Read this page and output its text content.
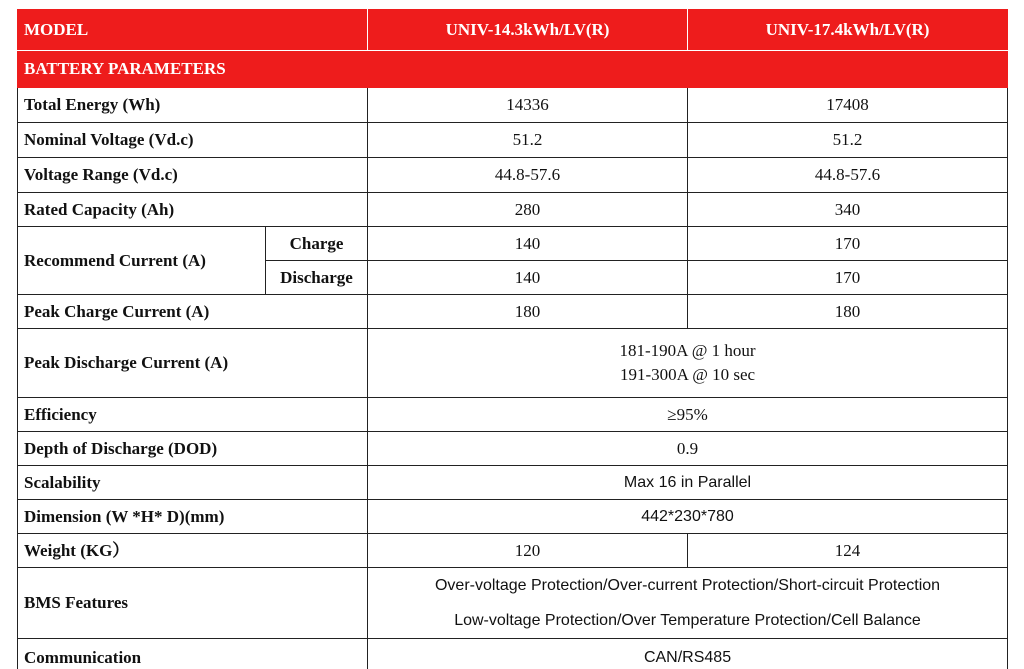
MODEL		UNIV-14.3kWh/LV(R)	UNIV-17.4kWh/LV(R)
BATTERY PARAMETERS			
Total Energy (Wh)		14336	17408
Nominal Voltage (Vd.c)		51.2	51.2
Voltage Range (Vd.c)		44.8-57.6	44.8-57.6
Rated Capacity (Ah)		280	340
Recommend Current (A)	Charge	140	170
	Discharge	140	170
Peak Charge Current (A)		180	180
Peak Discharge Current (A)		181-190A @ 1 hour
191-300A @ 10 sec	

Efficiency		≥95%	
Depth of Discharge (DOD)		0.9	
Scalability		Max 16 in Parallel	
Dimension (W *H* D)(mm)		442*230*780	
Weight (KG）		120	124
BMS Features		Over-voltage Protection/Over-current Protection/Short-circuit Protection
Low-voltage Protection/Over Temperature Protection/Cell Balance	

Communication		CAN/RS485	
